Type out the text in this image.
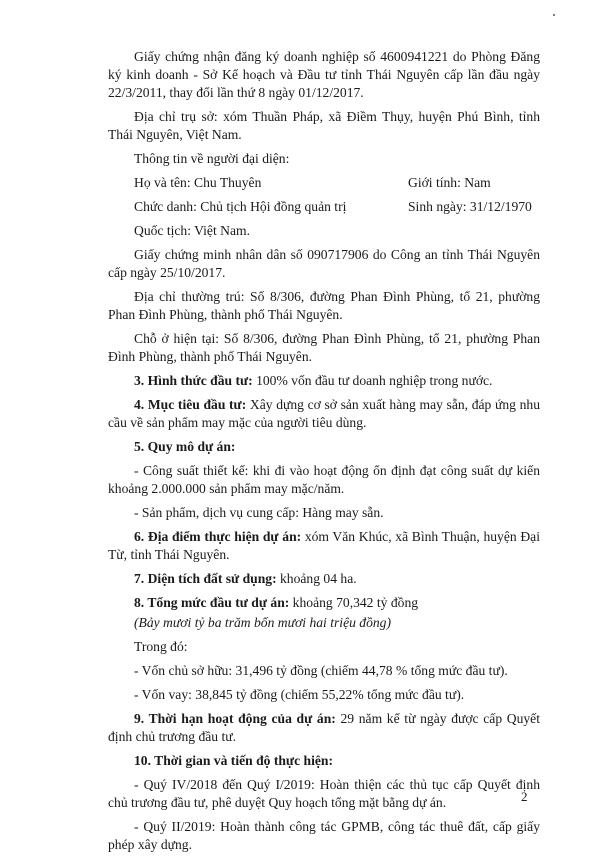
Giấy chứng nhận đăng ký doanh nghiệp số 4600941221 do Phòng Đăng ký kinh doanh - Sở Kế hoạch và Đầu tư tỉnh Thái Nguyên cấp lần đầu ngày 22/3/2011, thay đổi lần thứ 8 ngày 01/12/2017.

Địa chỉ trụ sở: xóm Thuần Pháp, xã Điềm Thụy, huyện Phú Bình, tỉnh Thái Nguyên, Việt Nam.

Thông tin về người đại diện:

Họ và tên: Chu Thuyên	Giới tính: Nam
Chức danh: Chủ tịch Hội đồng quản trị	Sinh ngày: 31/12/1970

Quốc tịch: Việt Nam.

Giấy chứng minh nhân dân số 090717906 do Công an tỉnh Thái Nguyên cấp ngày 25/10/2017.

Địa chỉ thường trú: Số 8/306, đường Phan Đình Phùng, tổ 21, phường Phan Đình Phùng, thành phố Thái Nguyên.

Chỗ ở hiện tại: Số 8/306, đường Phan Đình Phùng, tổ 21, phường Phan Đình Phùng, thành phố Thái Nguyên.

3. Hình thức đầu tư: 100% vốn đầu tư doanh nghiệp trong nước.

4. Mục tiêu đầu tư: Xây dựng cơ sở sản xuất hàng may sẵn, đáp ứng nhu cầu về sản phẩm may mặc của người tiêu dùng.

5. Quy mô dự án:

- Công suất thiết kế: khi đi vào hoạt động ổn định đạt công suất dự kiến khoảng 2.000.000 sản phẩm may mặc/năm.

- Sản phẩm, dịch vụ cung cấp: Hàng may sẵn.

6. Địa điểm thực hiện dự án: xóm Văn Khúc, xã Bình Thuận, huyện Đại Từ, tỉnh Thái Nguyên.

7. Diện tích đất sử dụng: khoảng 04 ha.

8. Tổng mức đầu tư dự án: khoảng 70,342 tỷ đồng

(Bảy mươi tỷ ba trăm bốn mươi hai triệu đồng)

Trong đó:

- Vốn chủ sở hữu: 31,496 tỷ đồng (chiếm 44,78 % tổng mức đầu tư).

- Vốn vay: 38,845 tỷ đồng (chiếm 55,22% tổng mức đầu tư).

9. Thời hạn hoạt động của dự án: 29 năm kể từ ngày được cấp Quyết định chủ trương đầu tư.

10. Thời gian và tiến độ thực hiện:

- Quý IV/2018 đến Quý I/2019: Hoàn thiện các thủ tục cấp Quyết định chủ trương đầu tư, phê duyệt Quy hoạch tổng mặt bằng dự án.

- Quý II/2019: Hoàn thành công tác GPMB, công tác thuê đất, cấp giấy phép xây dựng.

2
